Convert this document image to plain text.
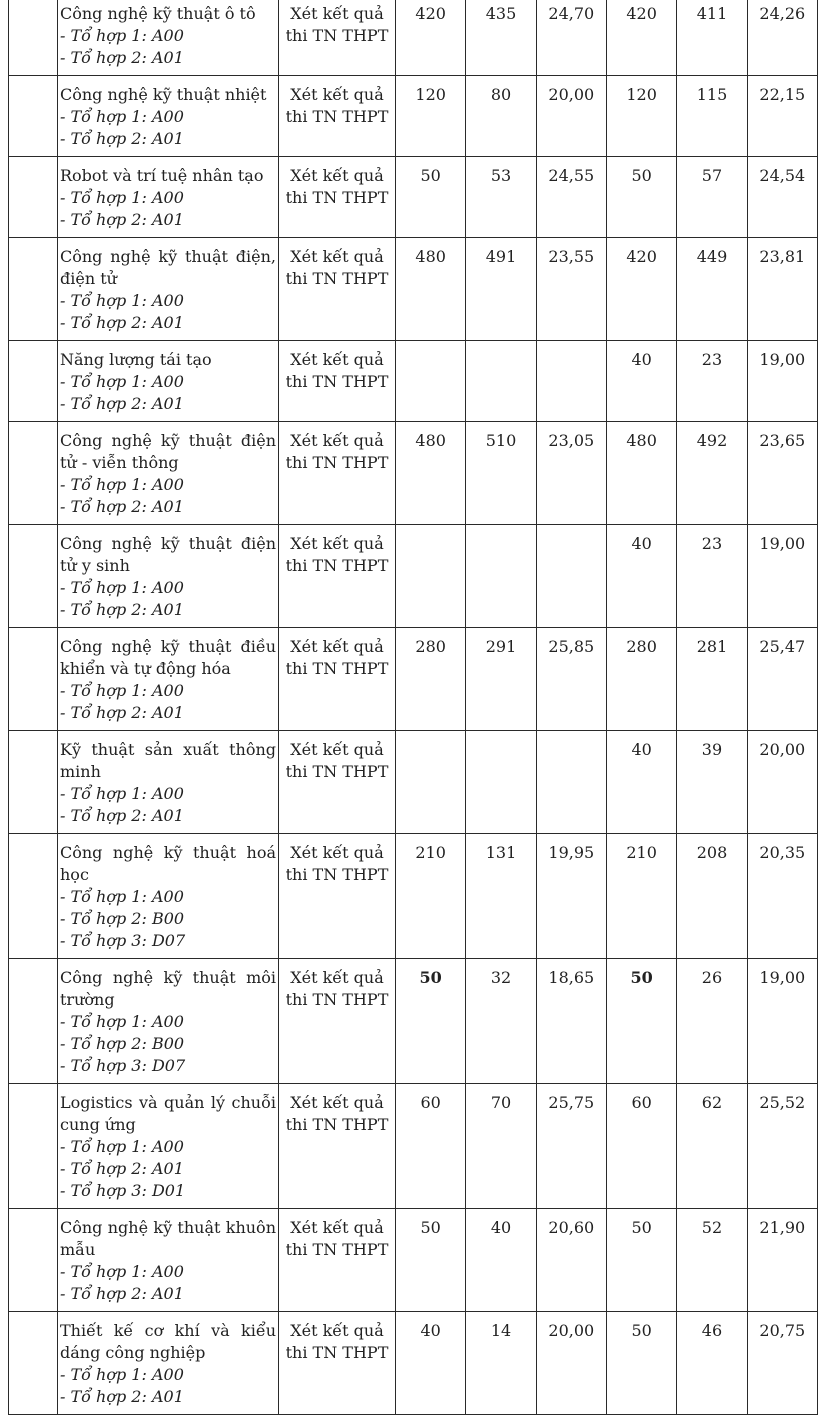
	Công nghệ kỹ thuật ô tô
- Tổ hợp 1: A00
- Tổ hợp 2: A01	Xét kết quả thi TN THPT	420	435	24,70	420	411	24,26

	Công nghệ kỹ thuật nhiệt
- Tổ hợp 1: A00
- Tổ hợp 2: A01	Xét kết quả thi TN THPT	120	80	20,00	120	115	22,15

	Robot và trí tuệ nhân tạo
- Tổ hợp 1: A00
- Tổ hợp 2: A01	Xét kết quả thi TN THPT	50	53	24,55	50	57	24,54

	Công nghệ kỹ thuật điện, điện tử
- Tổ hợp 1: A00
- Tổ hợp 2: A01	Xét kết quả thi TN THPT	480	491	23,55	420	449	23,81

	Năng lượng tái tạo
- Tổ hợp 1: A00
- Tổ hợp 2: A01	Xét kết quả thi TN THPT				40	23	19,00

	Công nghệ kỹ thuật điện tử - viễn thông
- Tổ hợp 1: A00
- Tổ hợp 2: A01	Xét kết quả thi TN THPT	480	510	23,05	480	492	23,65

	Công nghệ kỹ thuật điện tử y sinh
- Tổ hợp 1: A00
- Tổ hợp 2: A01	Xét kết quả thi TN THPT				40	23	19,00

	Công nghệ kỹ thuật điều khiển và tự động hóa
- Tổ hợp 1: A00
- Tổ hợp 2: A01	Xét kết quả thi TN THPT	280	291	25,85	280	281	25,47

	Kỹ thuật sản xuất thông minh
- Tổ hợp 1: A00
- Tổ hợp 2: A01	Xét kết quả thi TN THPT				40	39	20,00

	Công nghệ kỹ thuật hoá học
- Tổ hợp 1: A00
- Tổ hợp 2: B00
- Tổ hợp 3: D07	Xét kết quả thi TN THPT	210	131	19,95	210	208	20,35

	Công nghệ kỹ thuật môi trường
- Tổ hợp 1: A00
- Tổ hợp 2: B00
- Tổ hợp 3: D07	Xét kết quả thi TN THPT	50	32	18,65	50	26	19,00

	Logistics và quản lý chuỗi cung ứng
- Tổ hợp 1: A00
- Tổ hợp 2: A01
- Tổ hợp 3: D01	Xét kết quả thi TN THPT	60	70	25,75	60	62	25,52

	Công nghệ kỹ thuật khuôn mẫu
- Tổ hợp 1: A00
- Tổ hợp 2: A01	Xét kết quả thi TN THPT	50	40	20,60	50	52	21,90

	Thiết kế cơ khí và kiểu dáng công nghiệp
- Tổ hợp 1: A00
- Tổ hợp 2: A01	Xét kết quả thi TN THPT	40	14	20,00	50	46	20,75
